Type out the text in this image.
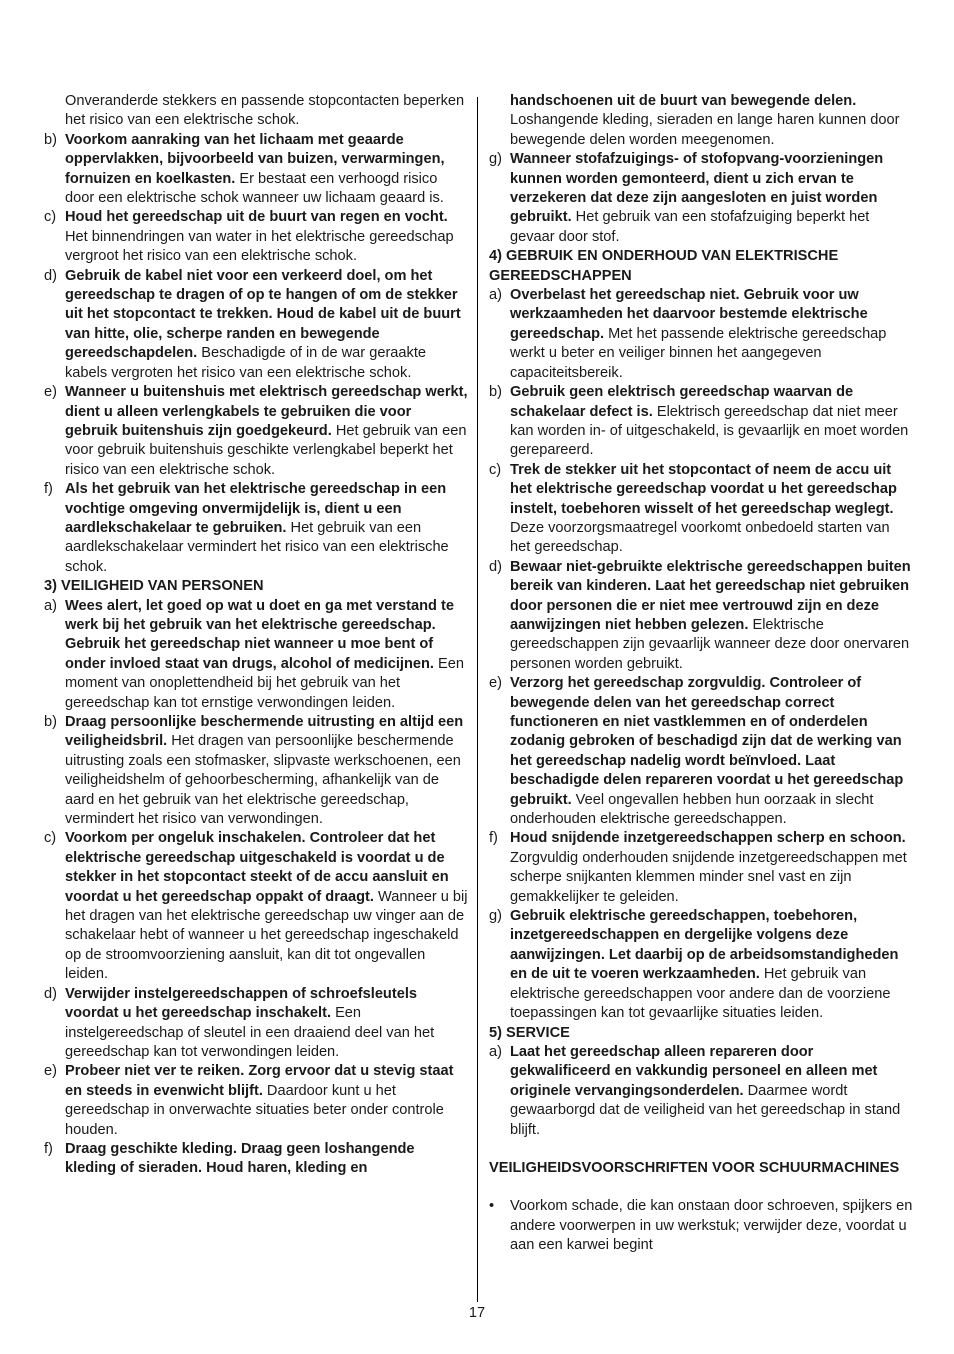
Onveranderde stekkers en passende stopcontacten beperken het risico van een elektrische schok.
b) Voorkom aanraking van het lichaam met geaarde oppervlakken, bijvoorbeeld van buizen, verwarmingen, fornuizen en koelkasten. Er bestaat een verhoogd risico door een elektrische schok wanneer uw lichaam geaard is.
c) Houd het gereedschap uit de buurt van regen en vocht. Het binnendringen van water in het elektrische gereedschap vergroot het risico van een elektrische schok.
d) Gebruik de kabel niet voor een verkeerd doel, om het gereedschap te dragen of op te hangen of om de stekker uit het stopcontact te trekken. Houd de kabel uit de buurt van hitte, olie, scherpe randen en bewegende gereedschapdelen. Beschadigde of in de war geraakte kabels vergroten het risico van een elektrische schok.
e) Wanneer u buitenshuis met elektrisch gereedschap werkt, dient u alleen verlengkabels te gebruiken die voor gebruik buitenshuis zijn goedgekeurd. Het gebruik van een voor gebruik buitenshuis geschikte verlengkabel beperkt het risico van een elektrische schok.
f) Als het gebruik van het elektrische gereedschap in een vochtige omgeving onvermijdelijk is, dient u een aardlekschakelaar te gebruiken. Het gebruik van een aardlekschakelaar vermindert het risico van een elektrische schok.
3) VEILIGHEID VAN PERSONEN
a) Wees alert, let goed op wat u doet en ga met verstand te werk bij het gebruik van het elektrische gereedschap. Gebruik het gereedschap niet wanneer u moe bent of onder invloed staat van drugs, alcohol of medicijnen. Een moment van onoplettendheid bij het gebruik van het gereedschap kan tot ernstige verwondingen leiden.
b) Draag persoonlijke beschermende uitrusting en altijd een veiligheidsbril. Het dragen van persoonlijke beschermende uitrusting zoals een stofmasker, slipvaste werkschoenen, een veiligheidshelm of gehoorbescherming, afhankelijk van de aard en het gebruik van het elektrische gereedschap, vermindert het risico van verwondingen.
c) Voorkom per ongeluk inschakelen. Controleer dat het elektrische gereedschap uitgeschakeld is voordat u de stekker in het stopcontact steekt of de accu aansluit en voordat u het gereedschap oppakt of draagt. Wanneer u bij het dragen van het elektrische gereedschap uw vinger aan de schakelaar hebt of wanneer u het gereedschap ingeschakeld op de stroomvoorziening aansluit, kan dit tot ongevallen leiden.
d) Verwijder instelgereedschappen of schroefsleutels voordat u het gereedschap inschakelt. Een instelgereedschap of sleutel in een draaiend deel van het gereedschap kan tot verwondingen leiden.
e) Probeer niet ver te reiken. Zorg ervoor dat u stevig staat en steeds in evenwicht blijft. Daardoor kunt u het gereedschap in onverwachte situaties beter onder controle houden.
f) Draag geschikte kleding. Draag geen loshangende kleding of sieraden. Houd haren, kleding en
handschoenen uit de buurt van bewegende delen. Loshangende kleding, sieraden en lange haren kunnen door bewegende delen worden meegenomen.
g) Wanneer stofafzuigings- of stofopvang-voorzieningen kunnen worden gemonteerd, dient u zich ervan te verzekeren dat deze zijn aangesloten en juist worden gebruikt. Het gebruik van een stofafzuiging beperkt het gevaar door stof.
4) GEBRUIK EN ONDERHOUD VAN ELEKTRISCHE GEREEDSCHAPPEN
a) Overbelast het gereedschap niet. Gebruik voor uw werkzaamheden het daarvoor bestemde elektrische gereedschap. Met het passende elektrische gereedschap werkt u beter en veiliger binnen het aangegeven capaciteitsbereik.
b) Gebruik geen elektrisch gereedschap waarvan de schakelaar defect is. Elektrisch gereedschap dat niet meer kan worden in- of uitgeschakeld, is gevaarlijk en moet worden gerepareerd.
c) Trek de stekker uit het stopcontact of neem de accu uit het elektrische gereedschap voordat u het gereedschap instelt, toebehoren wisselt of het gereedschap weglegt. Deze voorzorgsmaatregel voorkomt onbedoeld starten van het gereedschap.
d) Bewaar niet-gebruikte elektrische gereedschappen buiten bereik van kinderen. Laat het gereedschap niet gebruiken door personen die er niet mee vertrouwd zijn en deze aanwijzingen niet hebben gelezen. Elektrische gereedschappen zijn gevaarlijk wanneer deze door onervaren personen worden gebruikt.
e) Verzorg het gereedschap zorgvuldig. Controleer of bewegende delen van het gereedschap correct functioneren en niet vastklemmen en of onderdelen zodanig gebroken of beschadigd zijn dat de werking van het gereedschap nadelig wordt beïnvloed. Laat beschadigde delen repareren voordat u het gereedschap gebruikt. Veel ongevallen hebben hun oorzaak in slecht onderhouden elektrische gereedschappen.
f) Houd snijdende inzetgereedschappen scherp en schoon. Zorgvuldig onderhouden snijdende inzetgereedschappen met scherpe snijkanten klemmen minder snel vast en zijn gemakkelijker te geleiden.
g) Gebruik elektrische gereedschappen, toebehoren, inzetgereedschappen en dergelijke volgens deze aanwijzingen. Let daarbij op de arbeidsomstandigheden en de uit te voeren werkzaamheden. Het gebruik van elektrische gereedschappen voor andere dan de voorziene toepassingen kan tot gevaarlijke situaties leiden.
5) SERVICE
a) Laat het gereedschap alleen repareren door gekwalificeerd en vakkundig personeel en alleen met originele vervangingsonderdelen. Daarmee wordt gewaarborgd dat de veiligheid van het gereedschap in stand blijft.
VEILIGHEIDSVOORSCHRIFTEN VOOR SCHUURMACHINES
• Voorkom schade, die kan onstaan door schroeven, spijkers en andere voorwerpen in uw werkstuk; verwijder deze, voordat u aan een karwei begint
17
